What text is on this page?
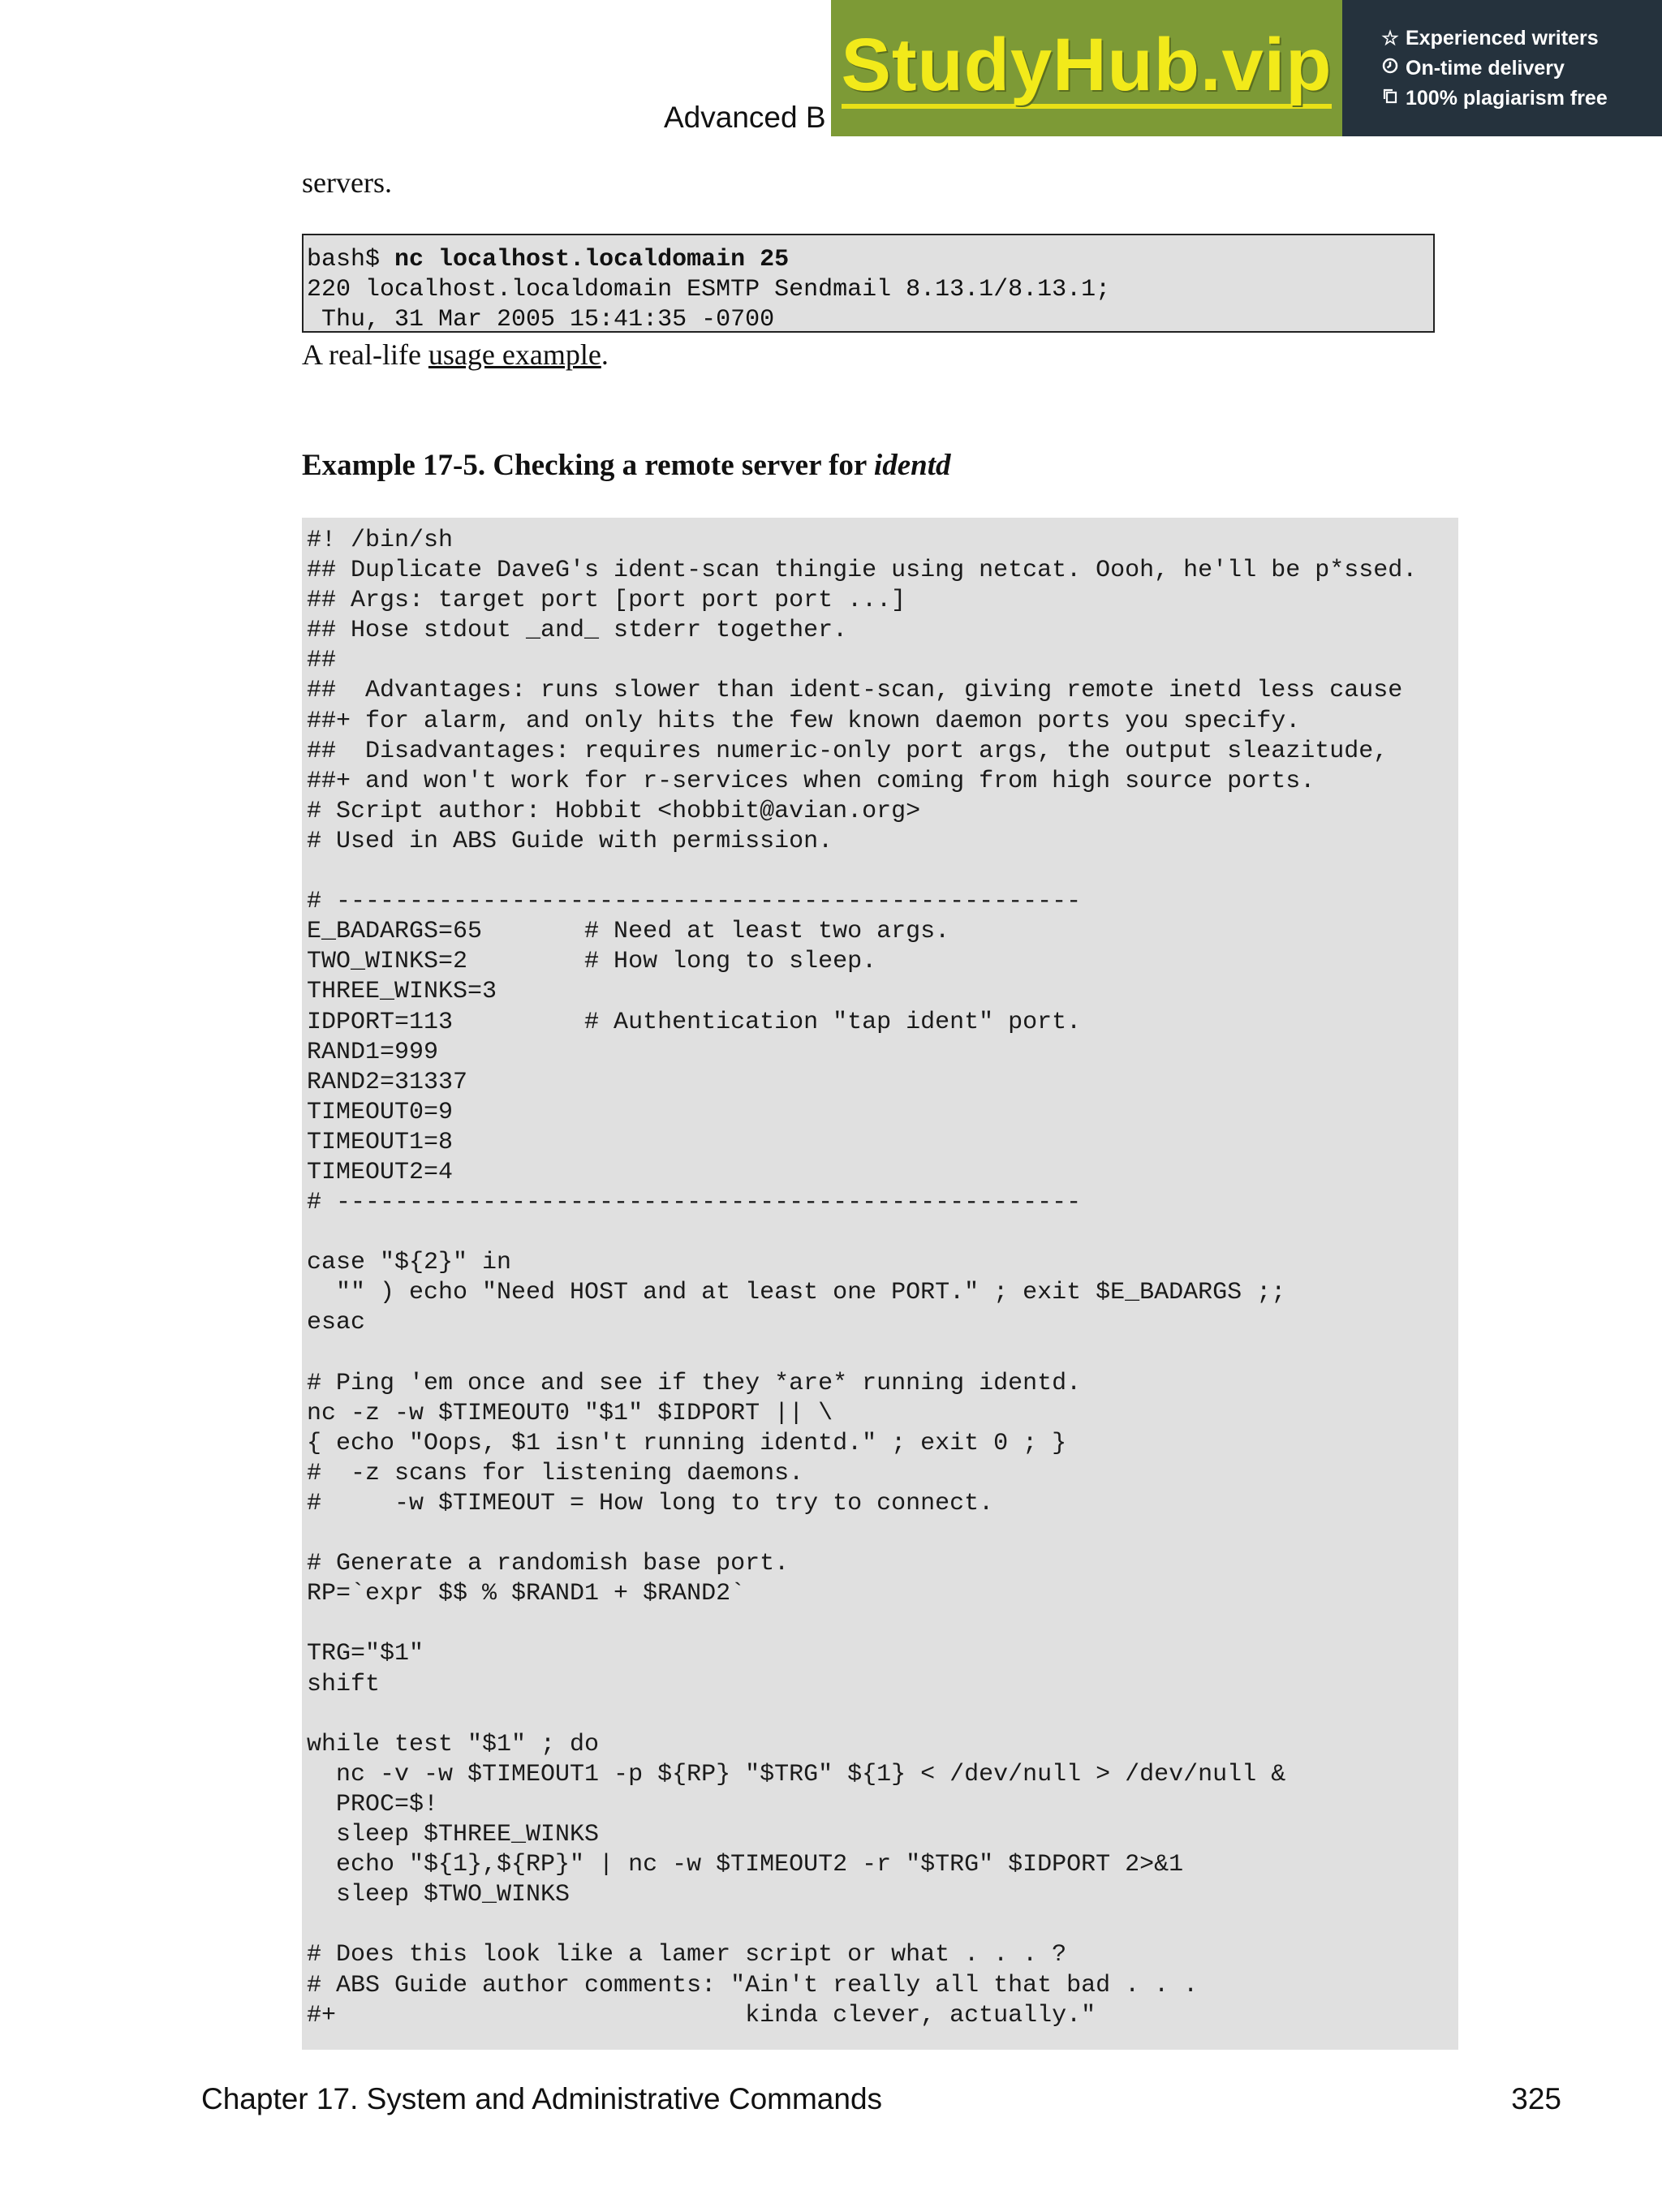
Advanced B
StudyHub.vip	☆ Experienced writers
On-time delivery
100% plagiarism free
servers.
bash$ nc localhost.localdomain 25
220 localhost.localdomain ESMTP Sendmail 8.13.1/8.13.1;
Thu, 31 Mar 2005 15:41:35 -0700
A real-life usage example.
Example 17-5. Checking a remote server for identd
#! /bin/sh
## Duplicate DaveG's ident-scan thingie using netcat. Oooh, he'll be p*ssed.
## Args: target port [port port port ...]
## Hose stdout _and_ stderr together.
##
##  Advantages: runs slower than ident-scan, giving remote inetd less cause
##+ for alarm, and only hits the few known daemon ports you specify.
##  Disadvantages: requires numeric-only port args, the output sleazitude,
##+ and won't work for r-services when coming from high source ports.
# Script author: Hobbit <hobbit@avian.org>
# Used in ABS Guide with permission.

# ---------------------------------------------------
E_BADARGS=65       # Need at least two args.
TWO_WINKS=2        # How long to sleep.
THREE_WINKS=3
IDPORT=113         # Authentication "tap ident" port.
RAND1=999
RAND2=31337
TIMEOUT0=9
TIMEOUT1=8
TIMEOUT2=4
# ---------------------------------------------------

case "${2}" in
"" ) echo "Need HOST and at least one PORT." ; exit $E_BADARGS ;;
esac

# Ping 'em once and see if they *are* running identd.
nc -z -w $TIMEOUT0 "$1" $IDPORT || \
{ echo "Oops, $1 isn't running identd." ; exit 0 ; }
#  -z scans for listening daemons.
#     -w $TIMEOUT = How long to try to connect.

# Generate a randomish base port.
RP=`expr $$ % $RAND1 + $RAND2`

TRG="$1"
shift

while test "$1" ; do
nc -v -w $TIMEOUT1 -p ${RP} "$TRG" ${1} < /dev/null > /dev/null &
PROC=$!
sleep $THREE_WINKS
echo "${1},${RP}" | nc -w $TIMEOUT2 -r "$TRG" $IDPORT 2>&1
sleep $TWO_WINKS

# Does this look like a lamer script or what . . . ?
# ABS Guide author comments: "Ain't really all that bad . . .
#+                            kinda clever, actually."
Chapter 17. System and Administrative Commands	325
